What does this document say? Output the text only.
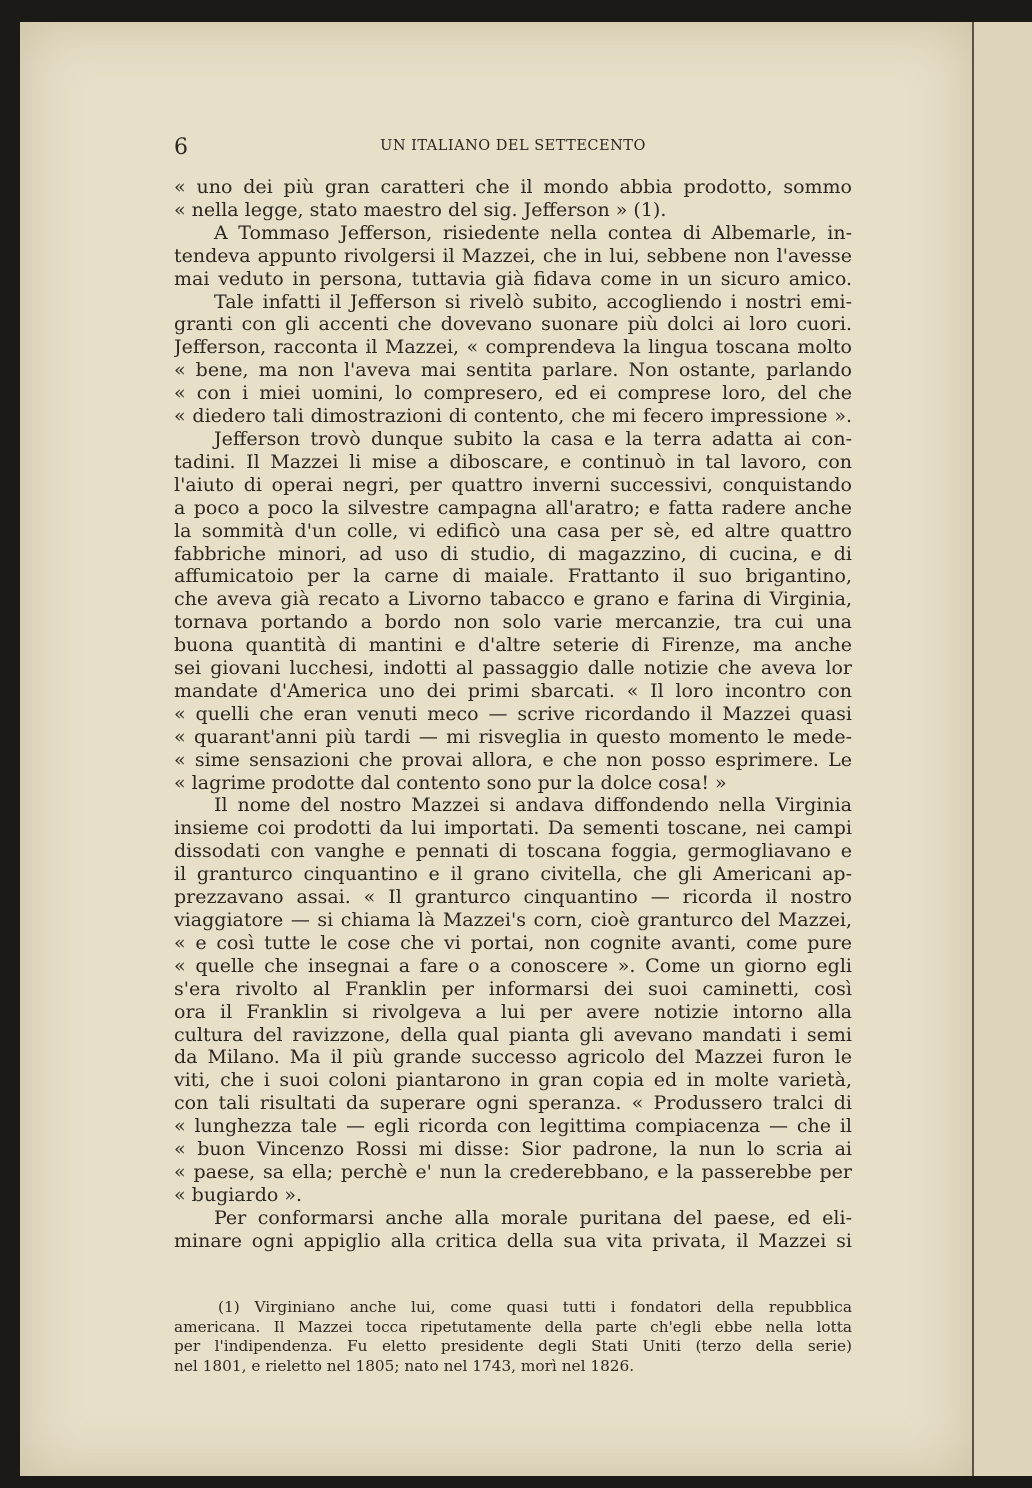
6	UN ITALIANO DEL SETTECENTO
« uno dei più gran caratteri che il mondo abbia prodotto, sommo
« nella legge, stato maestro del sig. Jefferson » (1).
A Tommaso Jefferson, risiedente nella contea di Albemarle, in-
tendeva appunto rivolgersi il Mazzei, che in lui, sebbene non l'avesse
mai veduto in persona, tuttavia già fidava come in un sicuro amico.
Tale infatti il Jefferson si rivelò subito, accogliendo i nostri emi-
granti con gli accenti che dovevano suonare più dolci ai loro cuori.
Jefferson, racconta il Mazzei, « comprendeva la lingua toscana molto
« bene, ma non l'aveva mai sentita parlare. Non ostante, parlando
« con i miei uomini, lo compresero, ed ei comprese loro, del che
« diedero tali dimostrazioni di contento, che mi fecero impressione ».
Jefferson trovò dunque subito la casa e la terra adatta ai con-
tadini. Il Mazzei li mise a diboscare, e continuò in tal lavoro, con
l'aiuto di operai negri, per quattro inverni successivi, conquistando
a poco a poco la silvestre campagna all'aratro; e fatta radere anche
la sommità d'un colle, vi edificò una casa per sè, ed altre quattro
fabbriche minori, ad uso di studio, di magazzino, di cucina, e di
affumicatoio per la carne di maiale. Frattanto il suo brigantino,
che aveva già recato a Livorno tabacco e grano e farina di Virginia,
tornava portando a bordo non solo varie mercanzie, tra cui una
buona quantità di mantini e d'altre seterie di Firenze, ma anche
sei giovani lucchesi, indotti al passaggio dalle notizie che aveva lor
mandate d'America uno dei primi sbarcati. « Il loro incontro con
« quelli che eran venuti meco — scrive ricordando il Mazzei quasi
« quarant'anni più tardi — mi risveglia in questo momento le mede-
« sime sensazioni che provai allora, e che non posso esprimere. Le
« lagrime prodotte dal contento sono pur la dolce cosa! »
Il nome del nostro Mazzei si andava diffondendo nella Virginia
insieme coi prodotti da lui importati. Da sementi toscane, nei campi
dissodati con vanghe e pennati di toscana foggia, germogliavano e
il granturco cinquantino e il grano civitella, che gli Americani ap-
prezzavano assai. « Il granturco cinquantino — ricorda il nostro
viaggiatore — si chiama là Mazzei's corn, cioè granturco del Mazzei,
« e così tutte le cose che vi portai, non cognite avanti, come pure
« quelle che insegnai a fare o a conoscere ». Come un giorno egli
s'era rivolto al Franklin per informarsi dei suoi caminetti, così
ora il Franklin si rivolgeva a lui per avere notizie intorno alla
cultura del ravizzone, della qual pianta gli avevano mandati i semi
da Milano. Ma il più grande successo agricolo del Mazzei furon le
viti, che i suoi coloni piantarono in gran copia ed in molte varietà,
con tali risultati da superare ogni speranza. « Produssero tralci di
« lunghezza tale — egli ricorda con legittima compiacenza — che il
« buon Vincenzo Rossi mi disse: Sior padrone, la nun lo scria ai
« paese, sa ella; perchè e' nun la crederebbano, e la passerebbe per
« bugiardo ».
Per conformarsi anche alla morale puritana del paese, ed eli-
minare ogni appiglio alla critica della sua vita privata, il Mazzei si
(1) Virginiano anche lui, come quasi tutti i fondatori della repubblica
americana. Il Mazzei tocca ripetutamente della parte ch'egli ebbe nella lotta
per l'indipendenza. Fu eletto presidente degli Stati Uniti (terzo della serie)
nel 1801, e rieletto nel 1805; nato nel 1743, morì nel 1826.
